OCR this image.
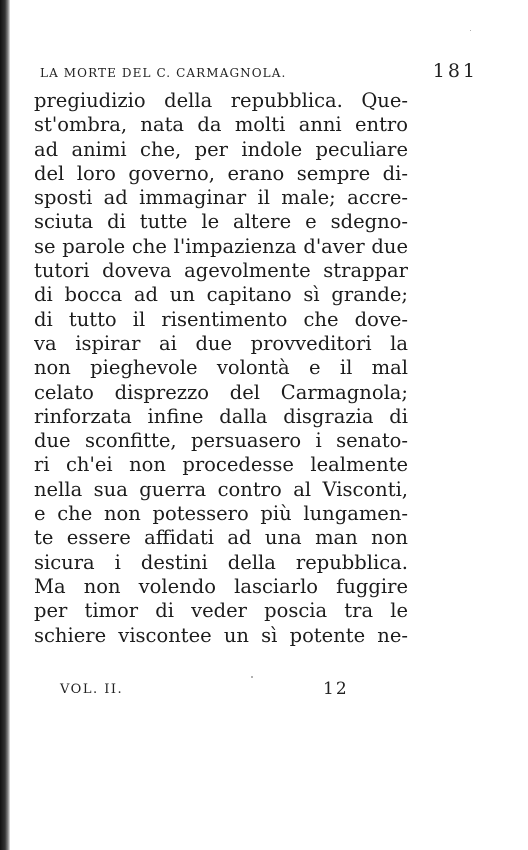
LA MORTE DEL C. CARMAGNOLA.	181
pregiudizio della repubblica. Que-
st'ombra, nata da molti anni entro
ad animi che, per indole peculiare
del loro governo, erano sempre di-
sposti ad immaginar il male; accre-
sciuta di tutte le altere e sdegno-
se parole che l'impazienza d'aver due
tutori doveva agevolmente strappar
di bocca ad un capitano sì grande;
di tutto il risentimento che dove-
va ispirar ai due provveditori la
non pieghevole volontà e il mal
celato disprezzo del Carmagnola;
rinforzata infine dalla disgrazia di
due sconfitte, persuasero i senato-
ri ch'ei non procedesse lealmente
nella sua guerra contro al Visconti,
e che non potessero più lungamen-
te essere affidati ad una man non
sicura i destini della repubblica.
Ma non volendo lasciarlo fuggire
per timor di veder poscia tra le
schiere viscontee un sì potente ne-
VOL. II.	12
